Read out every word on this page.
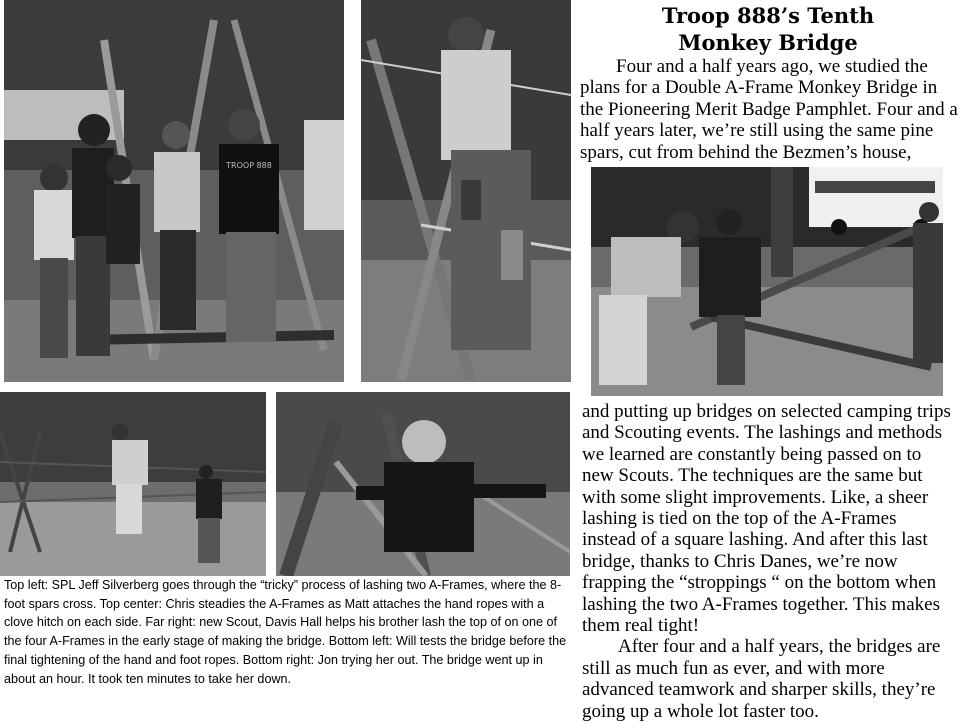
TROOP 888
Troop 888’s Tenth
Monkey Bridge

Four and a half years ago, we studied the plans for a Double A-Frame Monkey Bridge in the Pioneering Merit Badge Pamphlet. Four and a half years later, we’re still using the same pine spars, cut from behind the Bezmen’s house,

and putting up bridges on selected camping trips and Scouting events. The lashings and methods we learned are constantly being passed on to new Scouts. The techniques are the same but with some slight improvements. Like, a sheer lashing is tied on the top of the A-Frames instead of a square lashing. And after this last bridge, thanks to Chris Danes, we’re now frapping the “stroppings “ on the bottom when lashing the two A-Frames together. This makes them real tight!

After four and a half years, the bridges are still as much fun as ever, and with more advanced teamwork and sharper skills, they’re going up a whole lot faster too.

Top left: SPL Jeff Silverberg goes through the “tricky” process of lashing two A-Frames, where the 8-foot spars cross. Top center: Chris steadies the A-Frames as Matt attaches the hand ropes with a clove hitch on each side. Far right: new Scout, Davis Hall helps his brother lash the top of on one of the four A-Frames in the early stage of making the bridge. Bottom left: Will tests the bridge before the final tightening of the hand and foot ropes. Bottom right: Jon trying her out. The bridge went up in about an hour. It took ten minutes to take her down.
